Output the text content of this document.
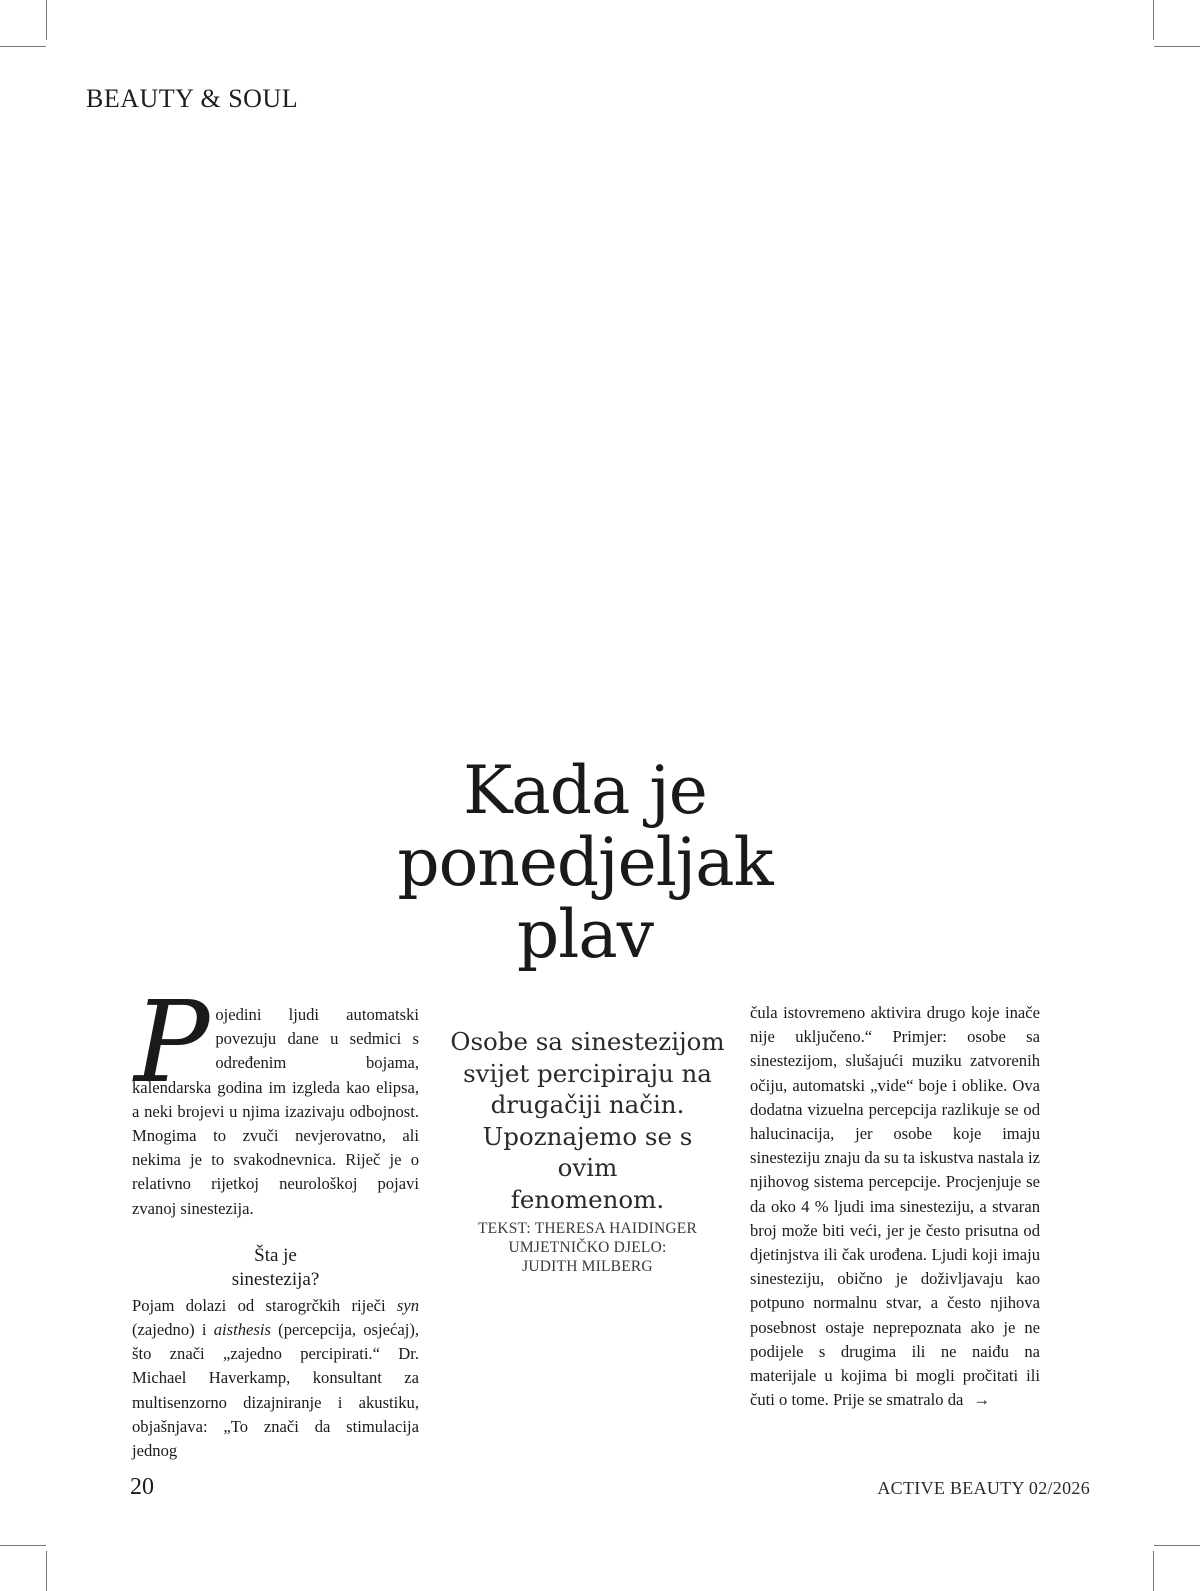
BEAUTY & SOUL
Kada je
ponedjeljak
plav

Pojedini ljudi automatski povezuju dane u sedmici s određenim bojama, kalendarska godina im izgleda kao elipsa, a neki brojevi u njima izazivaju odbojnost. Mnogima to zvuči nevjerovatno, ali nekima je to svakodnevnica. Riječ je o relativno rijetkoj neurološkoj pojavi zvanoj sinestezija.

Šta je
sinestezija?

Pojam dolazi od starogrčkih riječi syn (zajedno) i aisthesis (percepcija, osjećaj), što znači „zajedno percipirati.“ Dr. Michael Haverkamp, konsultant za multisenzorno dizajniranje i akustiku, objašnjava: „To znači da stimulacija jednog

Osobe sa sinestezijom
svijet percipiraju na
drugačiji način.
Upoznajemo se s ovim
fenomenom.
TEKST: THERESA HAIDINGER
UMJETNIČKO DJELO:
JUDITH MILBERG

čula istovremeno aktivira drugo koje inače nije uključeno.“ Primjer: osobe sa sinestezijom, slušajući muziku zatvorenih očiju, automatski „vide“ boje i oblike. Ova dodatna vizuelna percepcija razlikuje se od halucinacija, jer osobe koje imaju sinesteziju znaju da su ta iskustva nastala iz njihovog sistema percepcije. Procjenjuje se da oko 4 % ljudi ima sinesteziju, a stvaran broj može biti veći, jer je često prisutna od djetinjstva ili čak urođena. Ljudi koji imaju sinesteziju, obično je doživljavaju kao potpuno normalnu stvar, a često njihova posebnost ostaje neprepoznata ako je ne podijele s drugima ili ne naiđu na materijale u kojima bi mogli pročitati ili čuti o tome. Prije se smatralo da →

20	ACTIVE BEAUTY 02/2026
